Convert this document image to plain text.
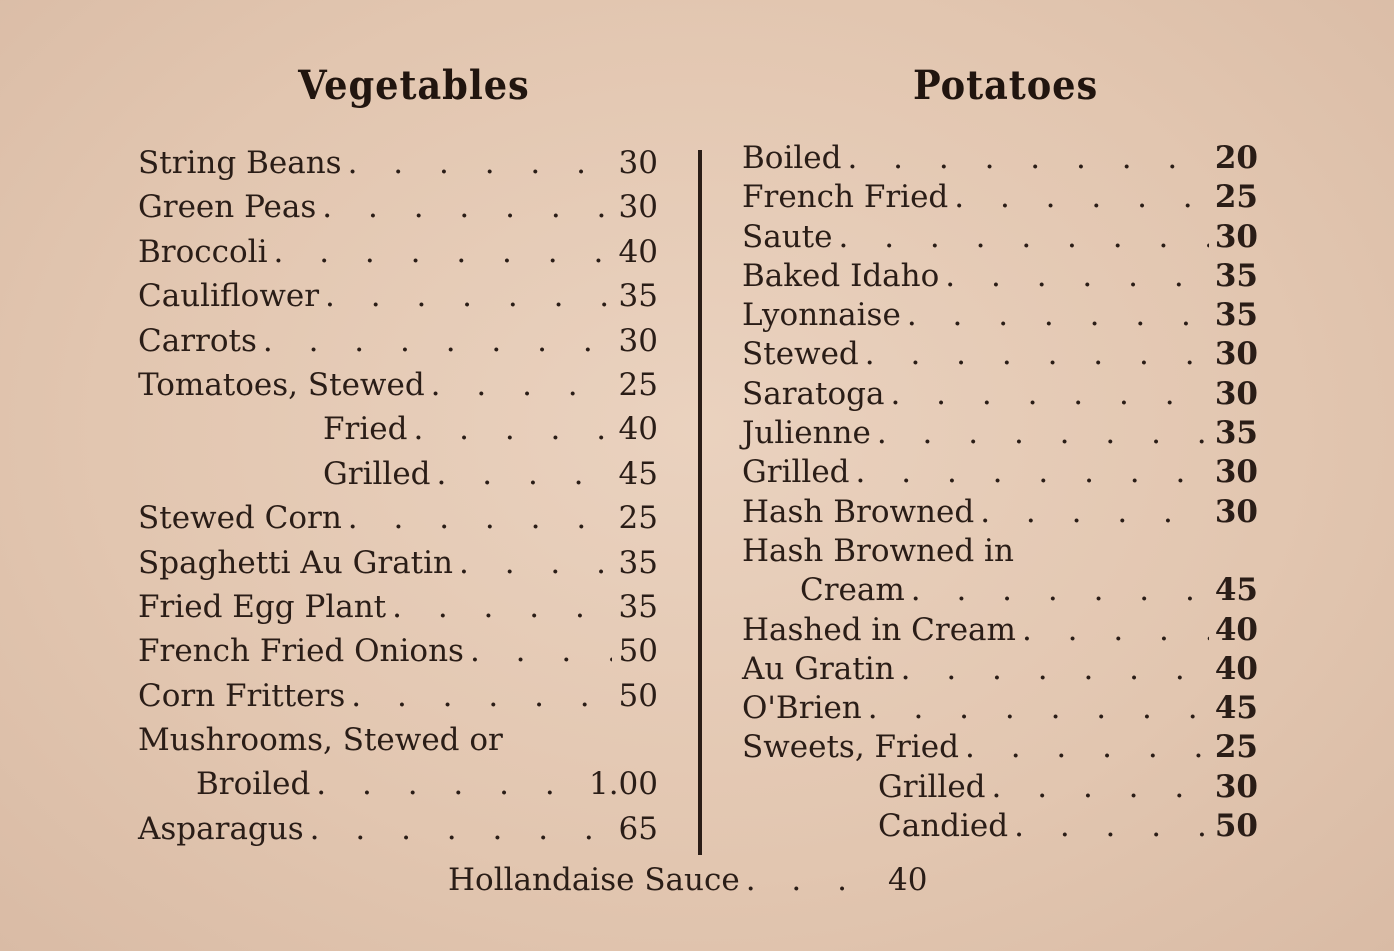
Vegetables	Potatoes
String Beans . . .	30
Green Peas . . .	30
Broccoli . . .	40
Cauliflower . . .	35
Carrots . . .	30
Tomatoes, Stewed . . .	25
Fried . . .	40
Grilled . . .	45
Stewed Corn . . .	25
Spaghetti Au Gratin . . .	35
Fried Egg Plant . . .	35
French Fried Onions . . .	50
Corn Fritters . . .	50
Mushrooms, Stewed or
Broiled . . .	1.00
Asparagus . . .	65
Boiled . . .	20
French Fried . . .	25
Saute . . .	30
Baked Idaho . . .	35
Lyonnaise . . .	35
Stewed . . .	30
Saratoga . . .	30
Julienne . . .	35
Grilled . . .	30
Hash Browned . . .	30
Hash Browned in
Cream . . .	45
Hashed in Cream . . .	40
Au Gratin . . .	40
O'Brien . . .	45
Sweets, Fried . . .	25
Grilled . . .	30
Candied . . .	50
Hollandaise Sauce . . .	40
